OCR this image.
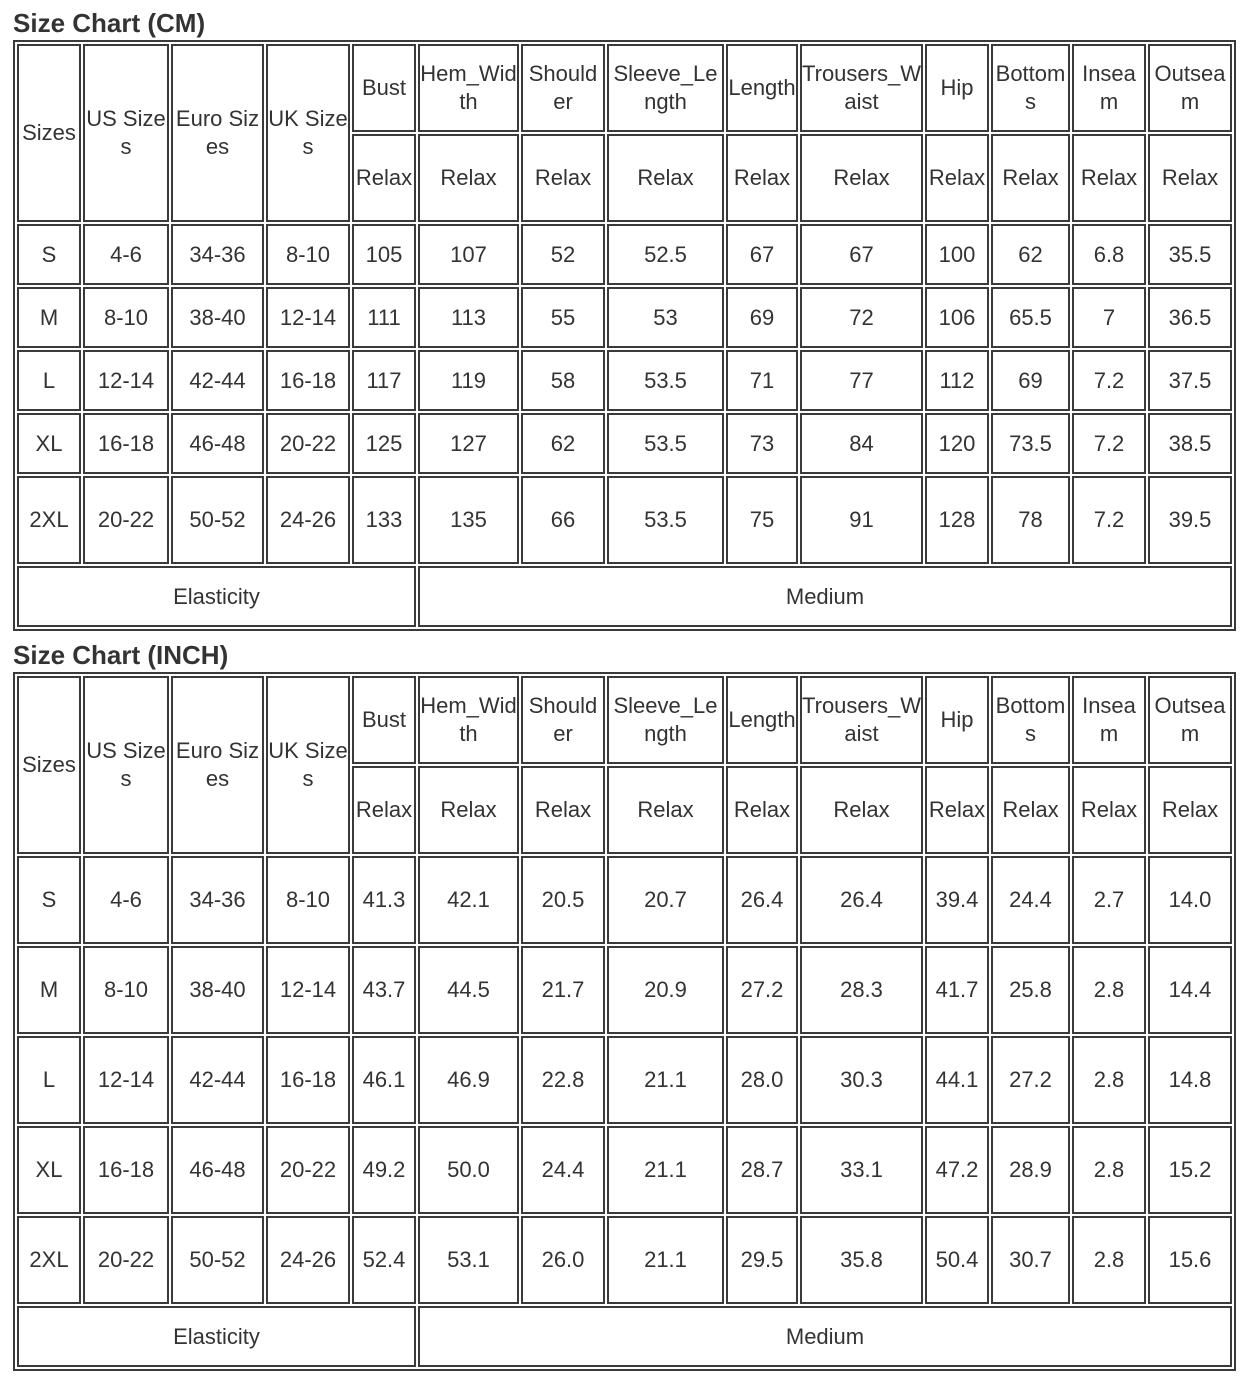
Size Chart (CM)
Sizes	US Sizes	Euro Sizes	UK Sizes	Bust	Hem_Width	Shoulder	Sleeve_Length	Length	Trousers_Waist	Hip	Bottoms	Inseam	Outseam
				Relax	Relax	Relax	Relax	Relax	Relax	Relax	Relax	Relax	Relax
S	4-6	34-36	8-10	105	107	52	52.5	67	67	100	62	6.8	35.5
M	8-10	38-40	12-14	111	113	55	53	69	72	106	65.5	7	36.5
L	12-14	42-44	16-18	117	119	58	53.5	71	77	112	69	7.2	37.5
XL	16-18	46-48	20-22	125	127	62	53.5	73	84	120	73.5	7.2	38.5
2XL	20-22	50-52	24-26	133	135	66	53.5	75	91	128	78	7.2	39.5
Elasticity					Medium								
Size Chart (INCH)
Sizes	US Sizes	Euro Sizes	UK Sizes	Bust	Hem_Width	Shoulder	Sleeve_Length	Length	Trousers_Waist	Hip	Bottoms	Inseam	Outseam
				Relax	Relax	Relax	Relax	Relax	Relax	Relax	Relax	Relax	Relax
S	4-6	34-36	8-10	41.3	42.1	20.5	20.7	26.4	26.4	39.4	24.4	2.7	14.0
M	8-10	38-40	12-14	43.7	44.5	21.7	20.9	27.2	28.3	41.7	25.8	2.8	14.4
L	12-14	42-44	16-18	46.1	46.9	22.8	21.1	28.0	30.3	44.1	27.2	2.8	14.8
XL	16-18	46-48	20-22	49.2	50.0	24.4	21.1	28.7	33.1	47.2	28.9	2.8	15.2
2XL	20-22	50-52	24-26	52.4	53.1	26.0	21.1	29.5	35.8	50.4	30.7	2.8	15.6
Elasticity					Medium								
